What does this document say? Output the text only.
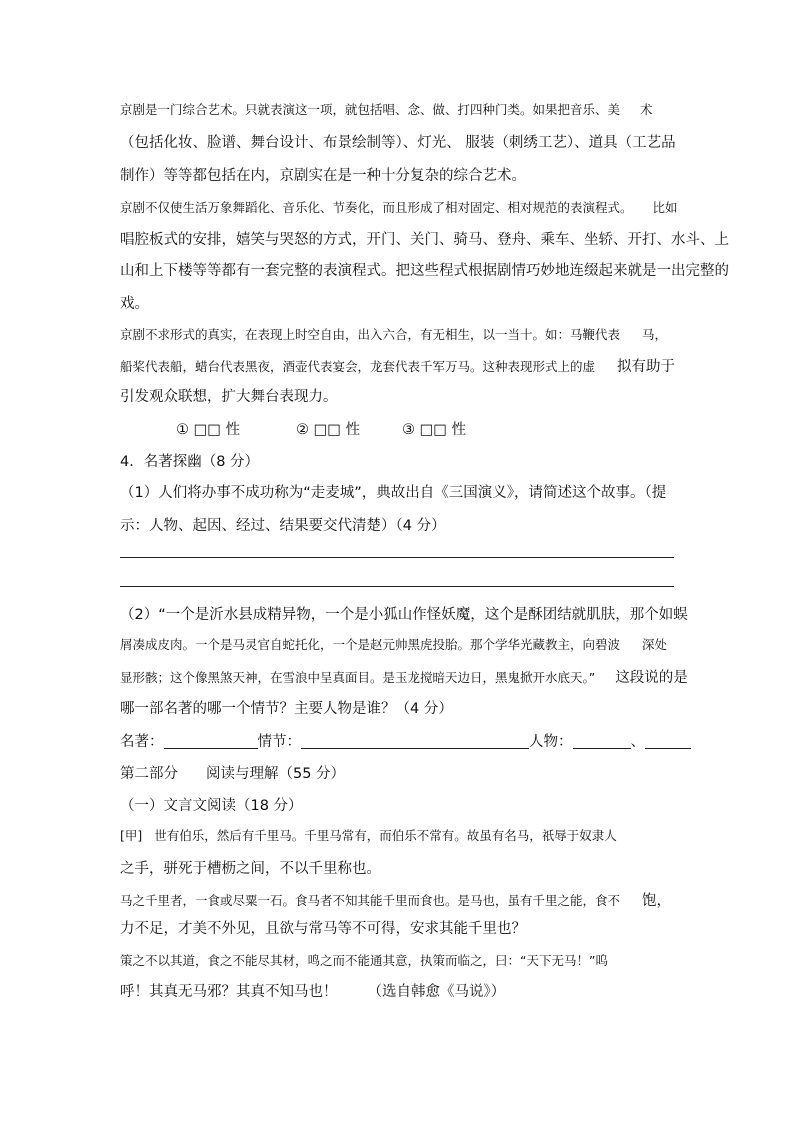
京剧是一门综合艺术。只就表演这一项，就包括唱、念、做、打四种门类。如果把音乐、美 术
（包括化妆、脸谱、舞台设计、布景绘制等）、灯光、 服装（刺绣工艺）、道具（工艺品
制作）等等都包括在内，京剧实在是一种十分复杂的综合艺术。
京剧不仅使生活万象舞蹈化、音乐化、节奏化，而且形成了相对固定、相对规范的表演程式。 比如
唱腔板式的安排，嬉笑与哭怒的方式，开门、关门、骑马、登舟、乘车、坐轿、开打、水斗、上
山和上下楼等等都有一套完整的表演程式。把这些程式根据剧情巧妙地连缀起来就是一出完整的
戏。
京剧不求形式的真实，在表现上时空自由，出入六合，有无相生，以一当十。如：马鞭代表 马，
船桨代表船，蜡台代表黑夜，酒壶代表宴会，龙套代表千军万马。这种表现形式上的虚 拟有助于
引发观众联想，扩大舞台表现力。
① □□ 性	② □□ 性	③ □□ 性
4．名著探幽（8 分）
（1）人们将办事不成功称为“走麦城”，典故出自《三国演义》，请简述这个故事。（提
示：人物、起因、经过、结果要交代清楚）（4 分）
（2）“一个是沂水县成精异物，一个是小狐山作怪妖魔，这个是酥团结就肌肤，那个如蜈
屑凑成皮肉。一个是马灵官自蛇托化，一个是赵元帅黑虎投胎。那个学华光藏教主，向碧波 深处
显形骸；这个像黑煞天神，在雪浪中呈真面目。是玉龙搅暗天边日，黑鬼掀开水底天。” 这段说的是
哪一部名著的哪一个情节？主要人物是谁？（4 分）
名著：	情节：	人物：	、
第二部分 阅读与理解（55 分）
（一）文言文阅读（18 分）
[甲] 世有伯乐，然后有千里马。千里马常有，而伯乐不常有。故虽有名马，祇辱于奴隶人
之手，骈死于槽枥之间，不以千里称也。
马之千里者，一食或尽粟一石。食马者不知其能千里而食也。是马也，虽有千里之能，食不 饱，
力不足，才美不外见，且欲与常马等不可得，安求其能千里也？
策之不以其道，食之不能尽其材，鸣之而不能通其意，执策而临之，曰：“天下无马！”呜
呼！其真无马邪？其真不知马也！ （选自韩愈《马说》）
